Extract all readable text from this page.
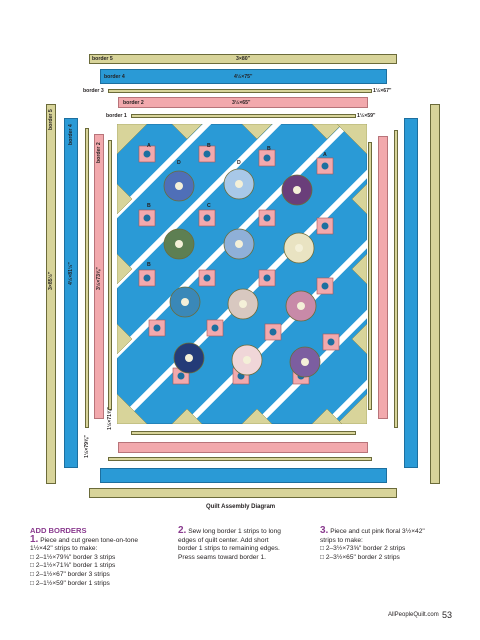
border 5	3×80"
border 4	4½×75"
border 3	1½×67"
border 2	3½×65"
border 1	1½×59"
border 5
3×85½"
border 4
4½×81½"
1½×79⅝"
border 2
3½×73⅝"
1½×71⅝"
A	B	B
A
D	D
B	C
B
Quilt Assembly Diagram
ADD BORDERS
1. Piece and cut green tone-on-tone
1½×42" strips to make:
□ 2–1½×79⅝" border 3 strips
□ 2–1½×71⅝" border 1 strips
□ 2–1½×67" border 3 strips
□ 2–1½×59" border 1 strips
2. Sew long border 1 strips to long
edges of quilt center. Add short
border 1 strips to remaining edges.
Press seams toward border 1.
3. Piece and cut pink floral 3½×42"
strips to make:
□ 2–3½×73⅝" border 2 strips
□ 2–3½×65" border 2 strips
AllPeopleQuilt.com 53
